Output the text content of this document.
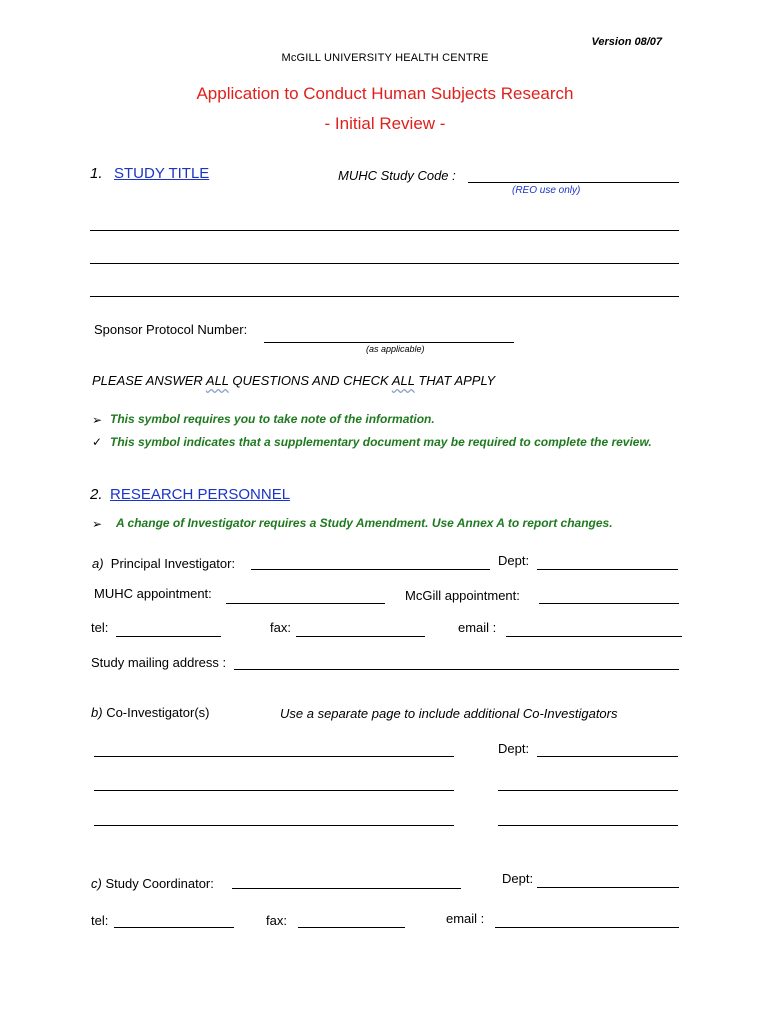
Version 08/07
McGILL UNIVERSITY HEALTH CENTRE
Application to Conduct Human Subjects Research
- Initial Review -
1. STUDY TITLE	MUHC Study Code :
(REO use only)
Sponsor Protocol Number:
(as applicable)
PLEASE ANSWER ALL QUESTIONS AND CHECK ALL THAT APPLY
➢ This symbol requires you to take note of the information.
✓ This symbol indicates that a supplementary document may be required to complete the review.
2. RESEARCH PERSONNEL
➢ A change of Investigator requires a Study Amendment. Use Annex A to report changes.
a) Principal Investigator:	Dept:
MUHC appointment:	McGill appointment:
tel:	fax:	email :
Study mailing address :
b) Co-Investigator(s)	Use a separate page to include additional Co-Investigators
Dept:
c) Study Coordinator:	Dept:
tel:	fax:	email :
